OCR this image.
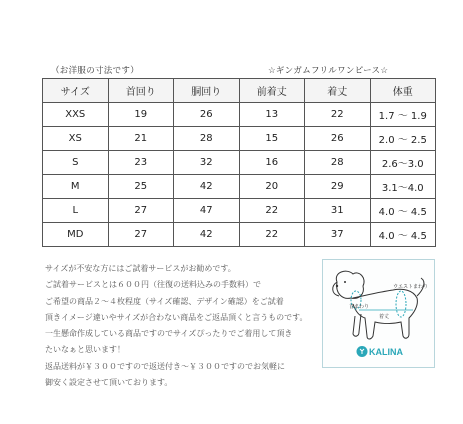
（お洋服の寸法です）	☆ギンガムフリルワンピース☆
サイズ	首回り	胴回り	前着丈	着丈	体重
XXS	19	26	13	22	1.7 ～ 1.9
XS	21	28	15	26	2.0 ～ 2.5
S	23	32	16	28	2.6～3.0
M	25	42	20	29	3.1～4.0
L	27	47	22	31	4.0 ～ 4.5
MD	27	42	22	37	4.0 ～ 4.5
サイズが不安な方にはご試着サービスがお勧めです。
ご試着サービスとは６００円（往復の送料込みの手数料）で
ご希望の商品２～４枚程度（サイズ確認、デザイン確認）をご試着
頂きイメージ違いやサイズが合わない商品をご返品頂くと言うものです。
一生懸命作成している商品ですのでサイズぴったりでご着用して頂き
たいなぁと思います！
返品送料が￥３００ですので返送付き～￥３００ですのでお気軽に
御安く設定させて頂いております。
ウエストまわり
首まわり
着丈
KALINA
